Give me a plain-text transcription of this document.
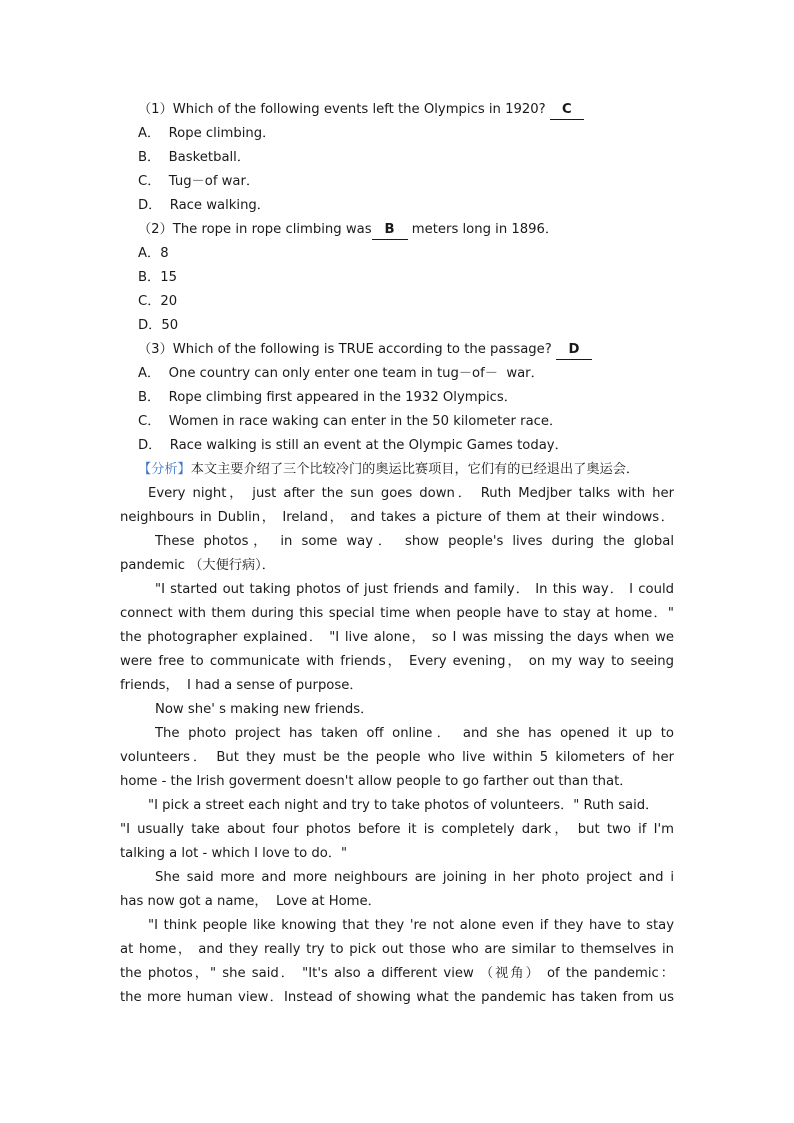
（1）Which of the following events left the Olympics in 1920? C
A．  Rope climbing．
B．  Basketball．
C．  Tug－of war．
D．  Race walking．
（2）The rope in rope climbing was B meters long in 1896．
A．8
B．15
C．20
D．50
（3）Which of the following is TRUE according to the passage? D
A．  One country can only enter one team in tug－of－  war．
B．  Rope climbing first appeared in the 1932 Olympics．
C．  Women in race waking can enter in the 50 kilometer race．
D．  Race walking is still an event at the Olympic Games today．
【分析】本文主要介绍了三个比较冷门的奥运比赛项目，它们有的已经退出了奥运会．
Every night， just after the sun goes down． Ruth Medjber talks with her
neighbours in Dublin， Ireland， and takes a picture of them at their windows．
These photos， in some way． show people's lives during the global
pandemic （大便行病）．
"I started out taking photos of just friends and family． In this way． I could
connect with them during this special time when people have to stay at home．"
the photographer explained． "I live alone， so I was missing the days when we
were free to communicate with friends， Every evening， on my way to seeing
friends，  I had a sense of purpose．
Now she' s making new friends．
The photo project has taken off online． and she has opened it up to
volunteers． But they must be the people who live within 5 kilometers of her
home - the Irish goverment doesn't allow people to go farther out than that．
"I pick a street each night and try to take photos of volunteers．" Ruth said．
"I usually take about four photos before it is completely dark， but two if I'm
talking a lot - which I love to do．"
She said more and more neighbours are joining in her photo project and i
has now got a name，  Love at Home．
"I think people like knowing that they 're not alone even if they have to stay
at home， and they really try to pick out those who are similar to themselves in
the photos，" she said． "It's also a different view （视角） of the pandemic：
the more human view．Instead of showing what the pandemic has taken from us
